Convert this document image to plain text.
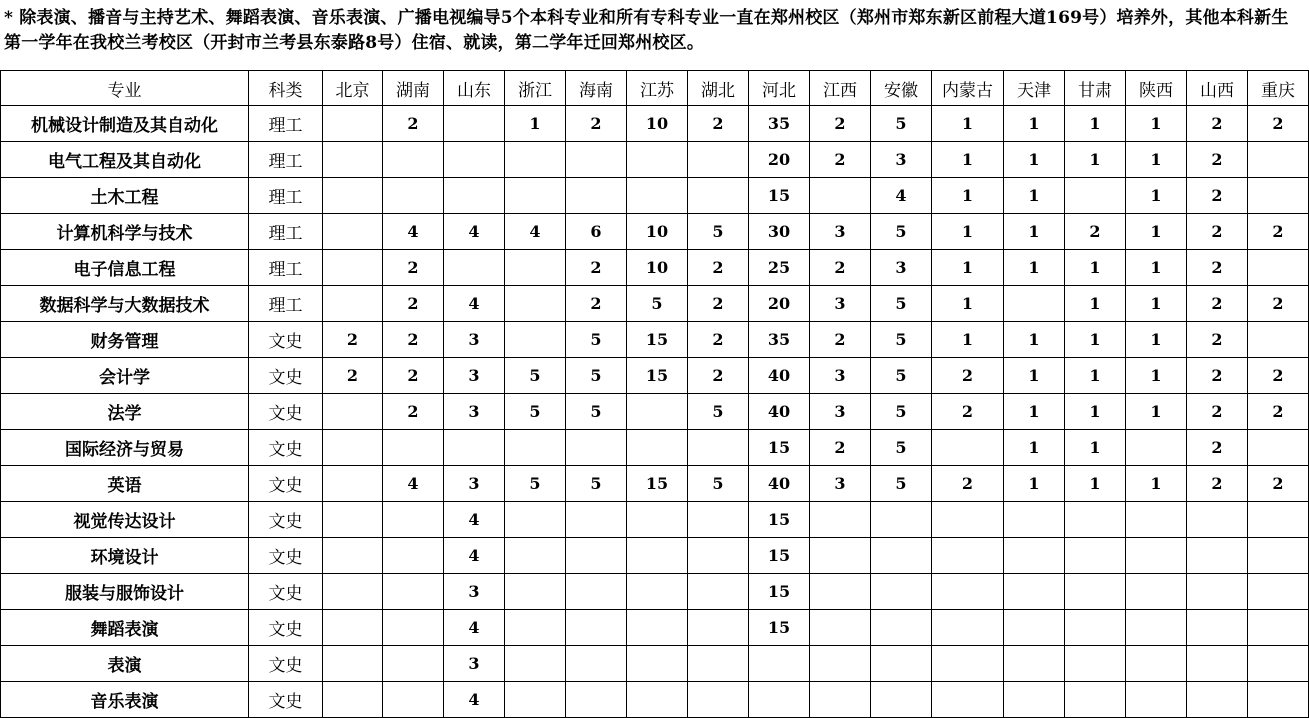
* 除表演、播音与主持艺术、舞蹈表演、音乐表演、广播电视编导5个本科专业和所有专科专业一直在郑州校区（郑州市郑东新区前程大道169号）培养外，其他本科新生第一学年在我校兰考校区（开封市兰考县东泰路8号）住宿、就读，第二学年迁回郑州校区。
专业	科类	北京	湖南	山东	浙江	海南	江苏	湖北	河北	江西	安徽	内蒙古	天津	甘肃	陕西	山西	重庆
机械设计制造及其自动化	理工		2		1	2	10	2	35	2	5	1	1	1	1	2	2
电气工程及其自动化	理工								20	2	3	1	1	1	1	2	
土木工程	理工								15		4	1	1		1	2	
计算机科学与技术	理工		4	4	4	6	10	5	30	3	5	1	1	2	1	2	2
电子信息工程	理工		2			2	10	2	25	2	3	1	1	1	1	2	
数据科学与大数据技术	理工		2	4		2	5	2	20	3	5	1		1	1	2	2
财务管理	文史	2	2	3		5	15	2	35	2	5	1	1	1	1	2	
会计学	文史	2	2	3	5	5	15	2	40	3	5	2	1	1	1	2	2
法学	文史		2	3	5	5		5	40	3	5	2	1	1	1	2	2
国际经济与贸易	文史								15	2	5		1	1		2	
英语	文史		4	3	5	5	15	5	40	3	5	2	1	1	1	2	2
视觉传达设计	文史			4					15								
环境设计	文史			4					15								
服装与服饰设计	文史			3					15								
舞蹈表演	文史			4					15								
表演	文史			3													
音乐表演	文史			4													
